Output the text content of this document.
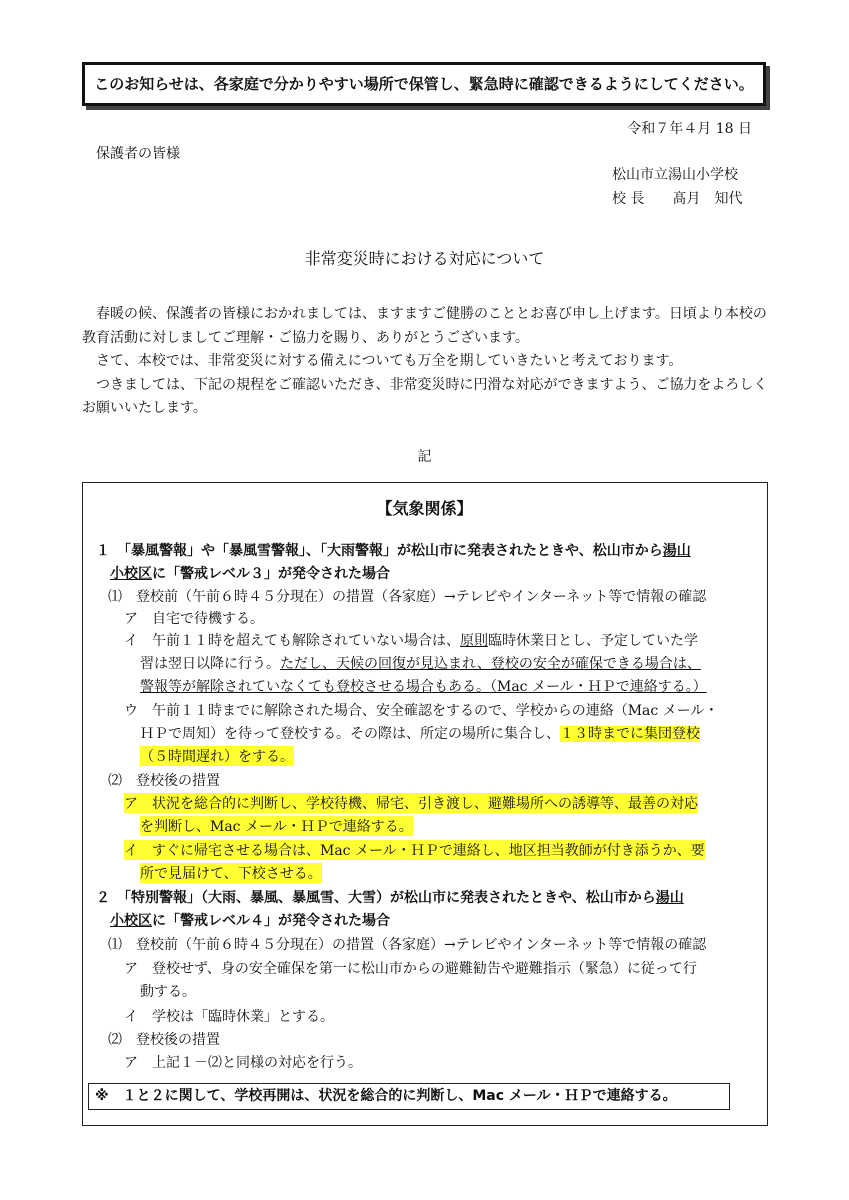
このお知らせは、各家庭で分かりやすい場所で保管し、緊急時に確認できるようにしてください。
令和７年４月 18 日
保護者の皆様
松山市立湯山小学校
校 長　　髙月　知代
非常変災時における対応について

春暖の候、保護者の皆様におかれましては、ますますご健勝のこととお喜び申し上げます。日頃より本校の教育活動に対しましてご理解・ご協力を賜り、ありがとうございます。

さて、本校では、非常変災に対する備えについても万全を期していきたいと考えております。

つきましては、下記の規程をご確認いただき、非常変災時に円滑な対応ができますよう、ご協力をよろしくお願いいたします。

記
【気象関係】
１　「暴風警報」や「暴風雪警報」、「大雨警報」が松山市に発表されたときや、松山市から湯山
小校区に「警戒レベル３」が発令された場合
⑴　登校前（午前６時４５分現在）の措置（各家庭）→テレビやインターネット等で情報の確認
ア　自宅で待機する。
イ　午前１１時を超えても解除されていない場合は、原則臨時休業日とし、予定していた学
習は翌日以降に行う。ただし、天候の回復が見込まれ、登校の安全が確保できる場合は、
警報等が解除されていなくても登校させる場合もある。（Mac メール・ＨＰで連絡する。）
ウ　午前１１時までに解除された場合、安全確認をするので、学校からの連絡（Mac メール・
ＨＰで周知）を待って登校する。その際は、所定の場所に集合し、１３時までに集団登校
（５時間遅れ）をする。
⑵　登校後の措置
ア　状況を総合的に判断し、学校待機、帰宅、引き渡し、避難場所への誘導等、最善の対応
を判断し、Mac メール・ＨＰで連絡する。
イ　すぐに帰宅させる場合は、Mac メール・ＨＰで連絡し、地区担当教師が付き添うか、要
所で見届けて、下校させる。
２　「特別警報」（大雨、暴風、暴風雪、大雪）が松山市に発表されたときや、松山市から湯山
小校区に「警戒レベル４」が発令された場合
⑴　登校前（午前６時４５分現在）の措置（各家庭）→テレビやインターネット等で情報の確認
ア　登校せず、身の安全確保を第一に松山市からの避難勧告や避難指示（緊急）に従って行
動する。
イ　学校は「臨時休業」とする。
⑵　登校後の措置
ア　上記１－⑵と同様の対応を行う。
※　１と２に関して、学校再開は、状況を総合的に判断し、Mac メール・ＨＰで連絡する。
